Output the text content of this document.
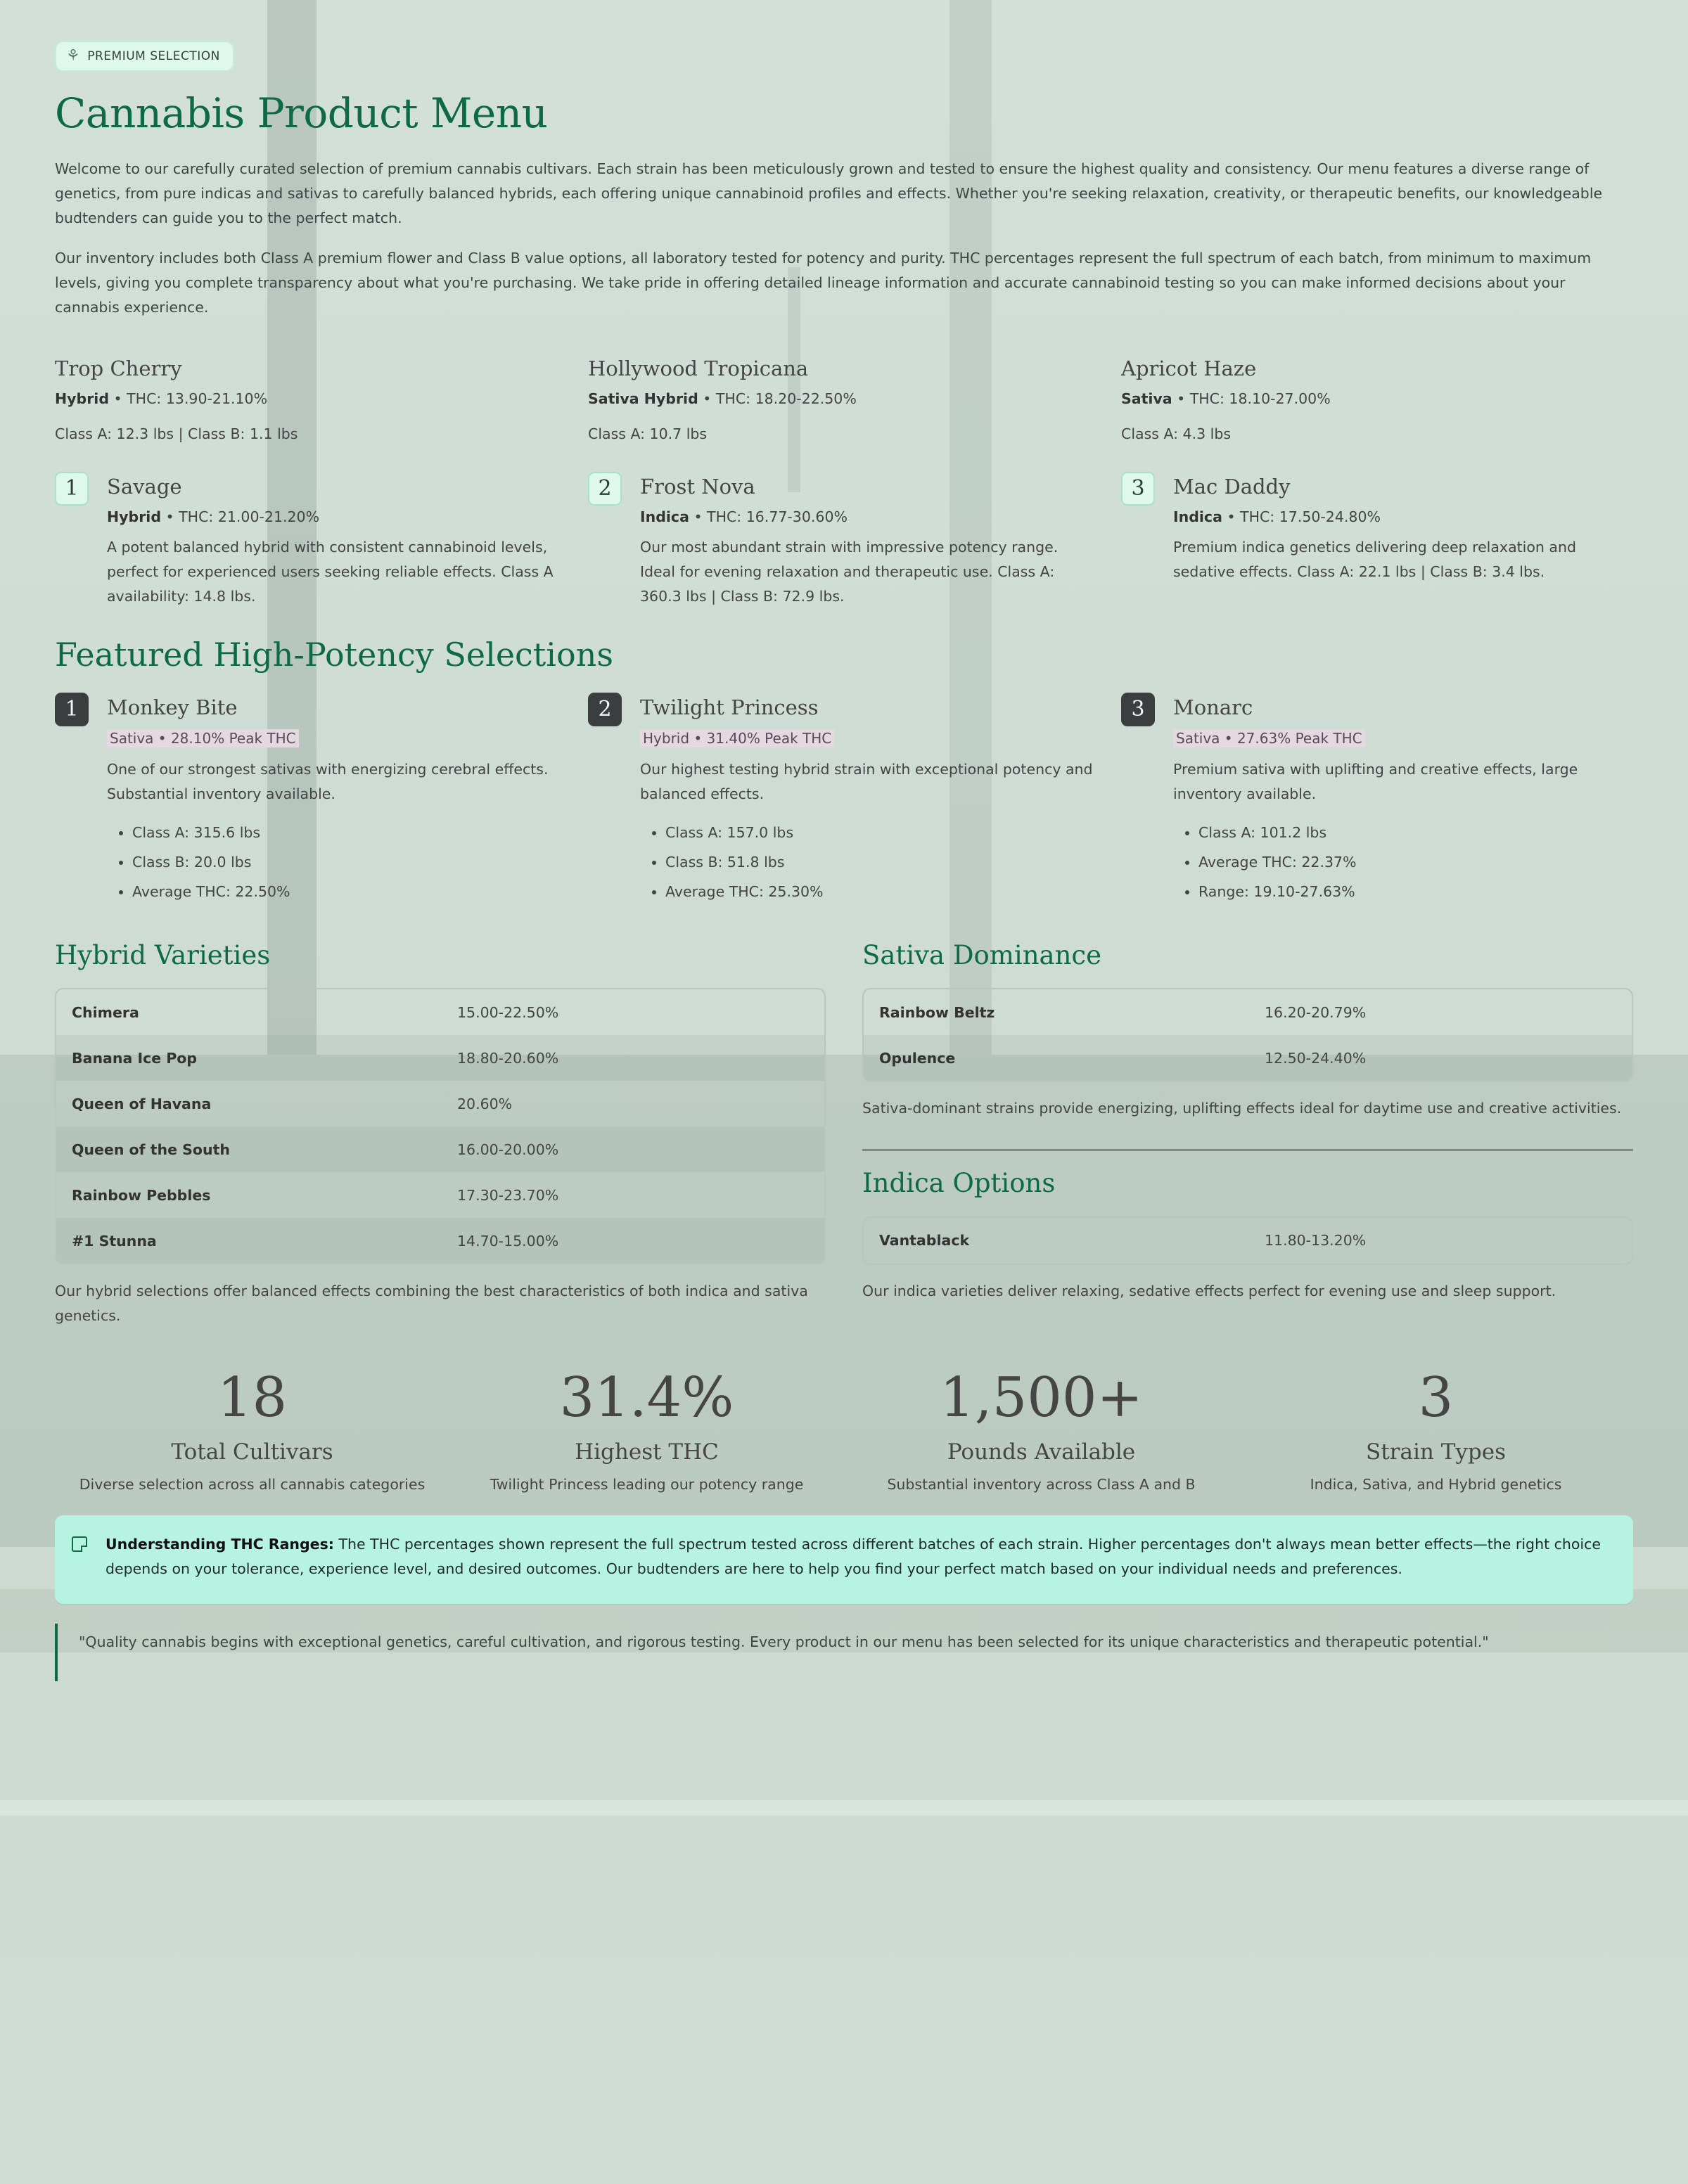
⚘ PREMIUM SELECTION
Cannabis Product Menu

Welcome to our carefully curated selection of premium cannabis cultivars. Each strain has been meticulously grown and tested to ensure the highest quality and consistency. Our menu features a diverse range of genetics, from pure indicas and sativas to carefully balanced hybrids, each offering unique cannabinoid profiles and effects. Whether you're seeking relaxation, creativity, or therapeutic benefits, our knowledgeable budtenders can guide you to the perfect match.

Our inventory includes both Class A premium flower and Class B value options, all laboratory tested for potency and purity. THC percentages represent the full spectrum of each batch, from minimum to maximum levels, giving you complete transparency about what you're purchasing. We take pride in offering detailed lineage information and accurate cannabinoid testing so you can make informed decisions about your cannabis experience.

Trop Cherry
Hybrid • THC: 13.90-21.10%
Class A: 12.3 lbs | Class B: 1.1 lbs
Hollywood Tropicana
Sativa Hybrid • THC: 18.20-22.50%
Class A: 10.7 lbs
Apricot Haze
Sativa • THC: 18.10-27.00%
Class A: 4.3 lbs
1	Savage
Hybrid • THC: 21.00-21.20%
A potent balanced hybrid with consistent cannabinoid levels, perfect for experienced users seeking reliable effects. Class A availability: 14.8 lbs.
2	Frost Nova
Indica • THC: 16.77-30.60%
Our most abundant strain with impressive potency range. Ideal for evening relaxation and therapeutic use. Class A: 360.3 lbs | Class B: 72.9 lbs.
3	Mac Daddy
Indica • THC: 17.50-24.80%
Premium indica genetics delivering deep relaxation and sedative effects. Class A: 22.1 lbs | Class B: 3.4 lbs.
Featured High-Potency Selections
1	Monkey Bite
Sativa • 28.10% Peak THC
One of our strongest sativas with energizing cerebral effects. Substantial inventory available.
• Class A: 315.6 lbs
• Class B: 20.0 lbs
• Average THC: 22.50%
2	Twilight Princess
Hybrid • 31.40% Peak THC
Our highest testing hybrid strain with exceptional potency and balanced effects.
• Class A: 157.0 lbs
• Class B: 51.8 lbs
• Average THC: 25.30%
3	Monarc
Sativa • 27.63% Peak THC
Premium sativa with uplifting and creative effects, large inventory available.
• Class A: 101.2 lbs
• Average THC: 22.37%
• Range: 19.10-27.63%
Hybrid Varieties
Chimera	15.00-22.50%
Banana Ice Pop	18.80-20.60%
Queen of Havana	20.60%
Queen of the South	16.00-20.00%
Rainbow Pebbles	17.30-23.70%
#1 Stunna	14.70-15.00%
Our hybrid selections offer balanced effects combining the best characteristics of both indica and sativa genetics.
Sativa Dominance
Rainbow Beltz	16.20-20.79%
Opulence	12.50-24.40%
Sativa-dominant strains provide energizing, uplifting effects ideal for daytime use and creative activities.
Indica Options
Vantablack	11.80-13.20%
Our indica varieties deliver relaxing, sedative effects perfect for evening use and sleep support.
18
Total Cultivars
Diverse selection across all cannabis categories
31.4%
Highest THC
Twilight Princess leading our potency range
1,500+
Pounds Available
Substantial inventory across Class A and B
3
Strain Types
Indica, Sativa, and Hybrid genetics
Understanding THC Ranges: The THC percentages shown represent the full spectrum tested across different batches of each strain. Higher percentages don't always mean better effects—the right choice depends on your tolerance, experience level, and desired outcomes. Our budtenders are here to help you find your perfect match based on your individual needs and preferences.
"Quality cannabis begins with exceptional genetics, careful cultivation, and rigorous testing. Every product in our menu has been selected for its unique characteristics and therapeutic potential."
